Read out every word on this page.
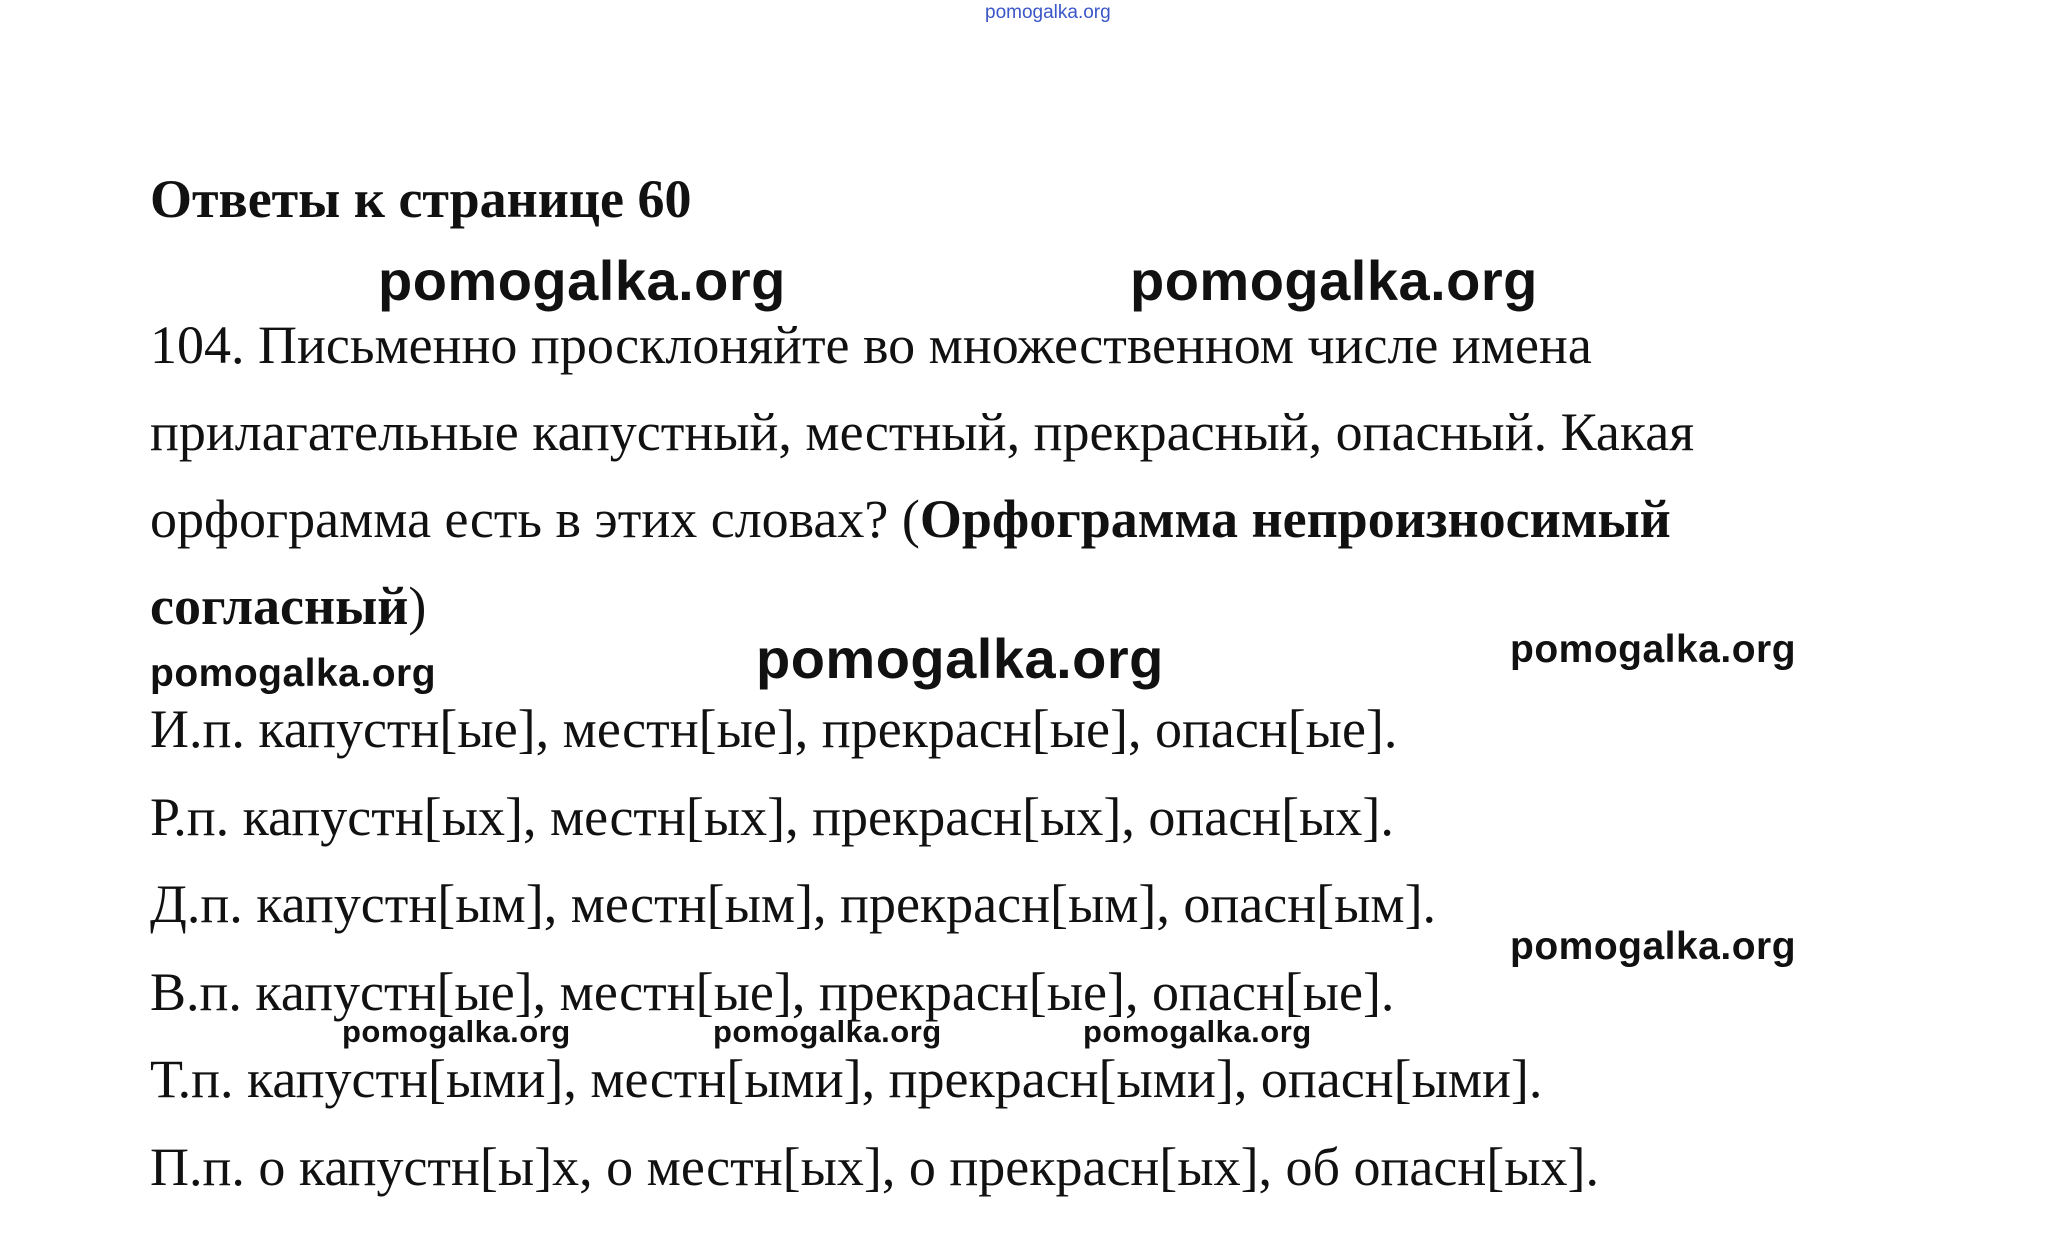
pomogalka.org
Ответы к странице 60
pomogalka.org	pomogalka.org
104. Письменно просклоняйте во множественном числе имена
прилагательные капустный, местный, прекрасный, опасный. Какая
орфограмма есть в этих словах? (Орфограмма непроизносимый
согласный)
pomogalka.org	pomogalka.org	pomogalka.org
И.п. капустн[ые], местн[ые], прекрасн[ые], опасн[ые].
Р.п. капустн[ых], местн[ых], прекрасн[ых], опасн[ых].
Д.п. капустн[ым], местн[ым], прекрасн[ым], опасн[ым].
В.п. капустн[ые], местн[ые], прекрасн[ые], опасн[ые].
Т.п. капустн[ыми], местн[ыми], прекрасн[ыми], опасн[ыми].
П.п. о капустн[ы]х, о местн[ых], о прекрасн[ых], об опасн[ых].
pomogalka.org
pomogalka.org	pomogalka.org	pomogalka.org
